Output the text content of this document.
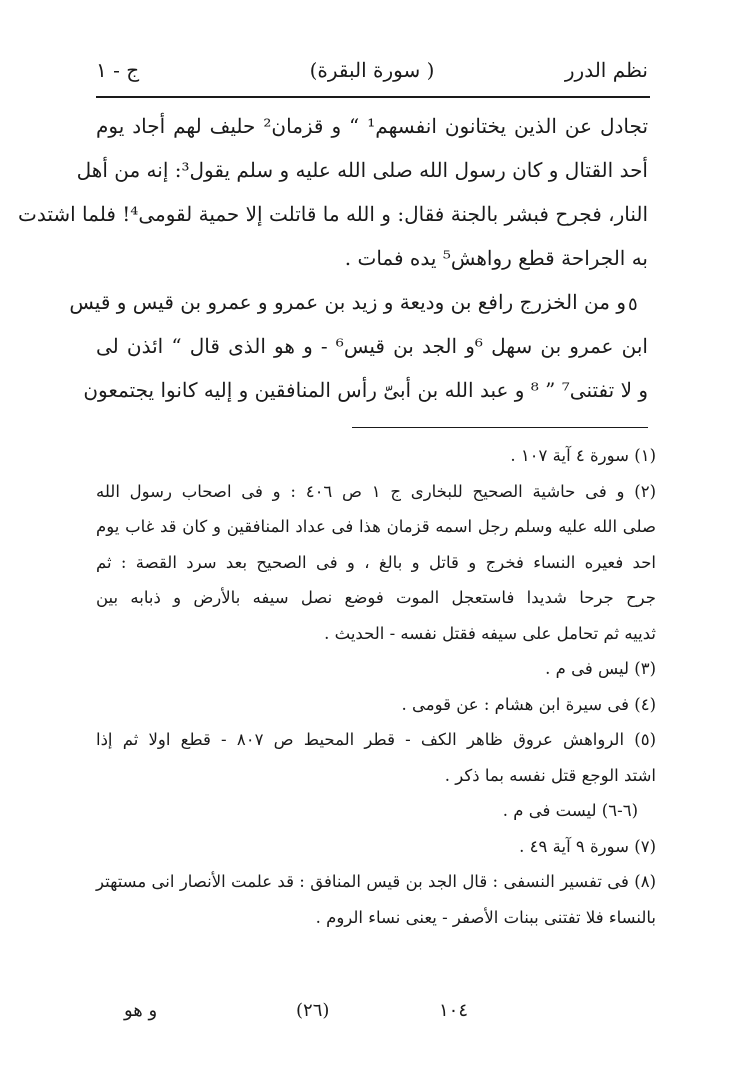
نظم الدرر
( سورة البقرة)
ج - ١
تجادل عن الذين يختانون انفسهم¹ “ و قزمان² حليف لهم أجاد يوم
أحد القتال و كان رسول الله صلى الله عليه و سلم يقول³: إنه من أهل
النار، فجرح فبشر بالجنة فقال: و الله ما قاتلت إلا حمية لقومى⁴! فلما اشتدت
به الجراحة قطع رواهش⁵ يده فمات .
و من الخزرج رافع بن وديعة و زيد بن عمرو و عمرو بن قيس و قيس
ابن عمرو بن سهل ⁶و الجد بن قيس⁶ - و هو الذى قال “ ائذن لى
و لا تفتنى⁷ ” ⁸ و عبد الله بن أبىّ رأس المنافقين و إليه كانوا يجتمعون
٥
(١) سورة ٤ آية ١٠٧ .
(٢) و فى حاشية الصحيح للبخارى ج ١ ص ٤٠٦ : و فى اصحاب رسول الله
صلى الله عليه وسلم رجل اسمه قزمان هذا فى عداد المنافقين و كان قد غاب يوم
احد فعيره النساء فخرج و قاتل و بالغ ، و فى الصحيح بعد سرد القصة : ثم
جرح جرحا شديدا فاستعجل الموت فوضع نصل سيفه بالأرض و ذبابه بين
ثدييه ثم تحامل على سيفه فقتل نفسه - الحديث .
(٣) ليس فى م .
(٤) فى سيرة ابن هشام : عن قومى .
(٥) الرواهش عروق ظاهر الكف - قطر المحيط ص ٨٠٧ - قطع اولا ثم إذا
اشتد الوجع قتل نفسه بما ذكر .
(٦-٦) ليست فى م .
(٧) سورة ٩ آية ٤٩ .
(٨) فى تفسير النسفى : قال الجد بن قيس المنافق : قد علمت الأنصار انى مستهتر
بالنساء فلا تفتنى ببنات الأصفر - يعنى نساء الروم .
١٠٤
(٢٦)
و هو
